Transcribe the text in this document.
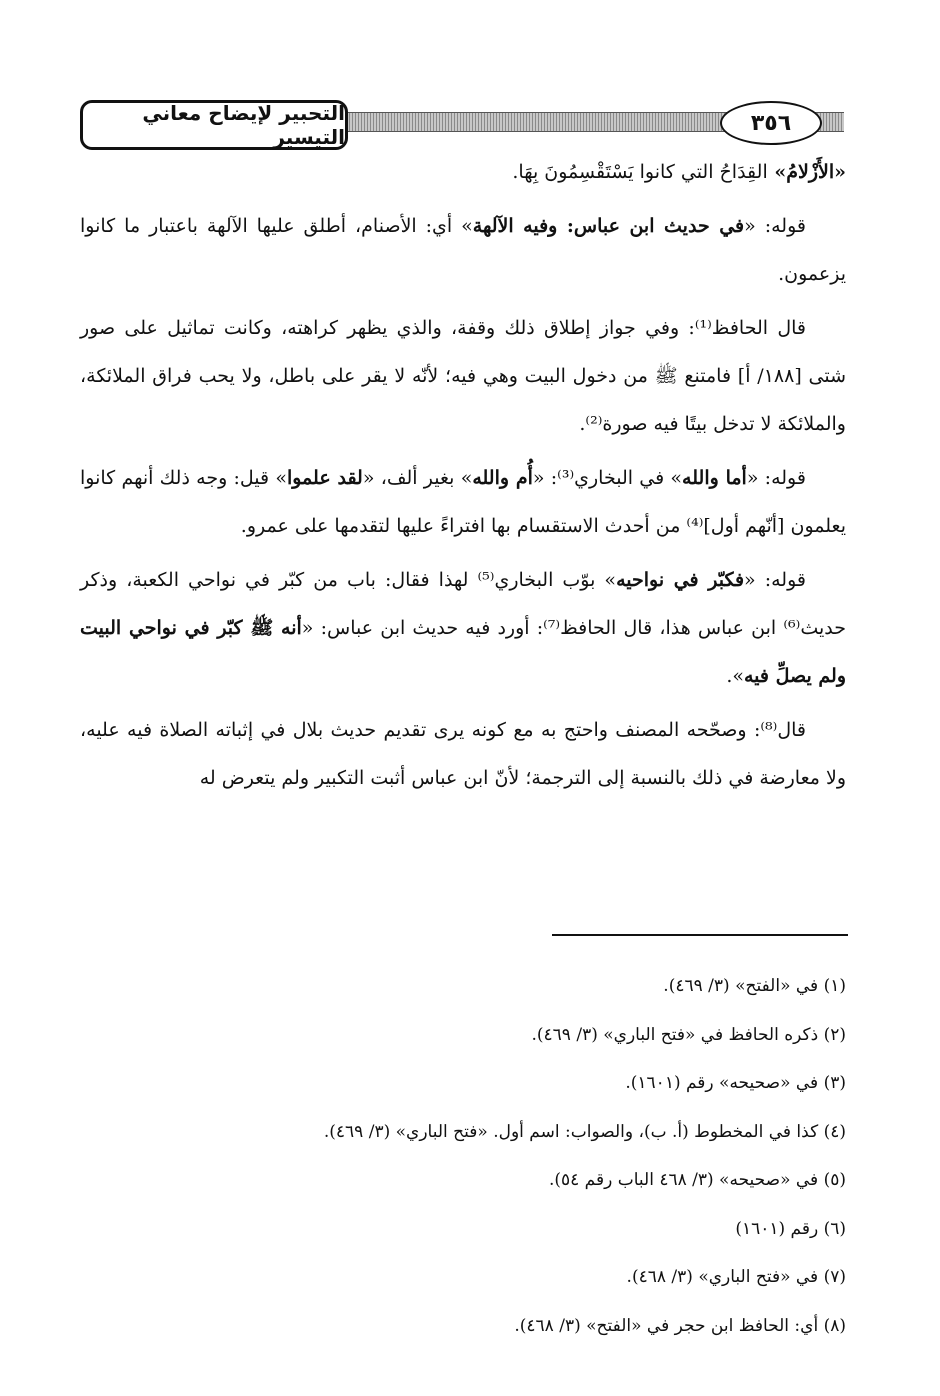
التحبير لإيضاح معاني التيسير
٣٥٦

«الأَزْلامُ» القِدَاحُ التي كانوا يَسْتَقْسِمُونَ بِهَا.

قوله: «في حديث ابن عباس: وفيه الآلهة» أي: الأصنام، أطلق عليها الآلهة باعتبار ما كانوا يزعمون.

قال الحافظ⁽¹⁾: وفي جواز إطلاق ذلك وقفة، والذي يظهر كراهته، وكانت تماثيل على صور شتى [١٨٨/ أ] فامتنع ﷺ من دخول البيت وهي فيه؛ لأنّه لا يقر على باطل، ولا يحب فراق الملائكة، والملائكة لا تدخل بيتًا فيه صورة⁽²⁾.

قوله: «أما والله» في البخاري⁽³⁾: «أُم والله» بغير ألف، «لقد علموا» قيل: وجه ذلك أنهم كانوا يعلمون [أنّهم أول]⁽⁴⁾ من أحدث الاستقسام بها افتراءً عليها لتقدمها على عمرو.

قوله: «فكبّر في نواحيه» بوّب البخاري⁽⁵⁾ لهذا فقال: باب من كبّر في نواحي الكعبة، وذكر حديث⁽⁶⁾ ابن عباس هذا، قال الحافظ⁽⁷⁾: أورد فيه حديث ابن عباس: «أنه ﷺ كبّر في نواحي البيت ولم يصلِّ فيه».

قال⁽⁸⁾: وصحّحه المصنف واحتج به مع كونه يرى تقديم حديث بلال في إثباته الصلاة فيه عليه، ولا معارضة في ذلك بالنسبة إلى الترجمة؛ لأنّ ابن عباس أثبت التكبير ولم يتعرض له

(١) في «الفتح» (٣/ ٤٦٩).
(٢) ذكره الحافظ في «فتح الباري» (٣/ ٤٦٩).
(٣) في «صحيحه» رقم (١٦٠١).
(٤) كذا في المخطوط (أ. ب)، والصواب: اسم أول. «فتح الباري» (٣/ ٤٦٩).
(٥) في «صحيحه» (٣/ ٤٦٨ الباب رقم ٥٤).
(٦) رقم (١٦٠١)
(٧) في «فتح الباري» (٣/ ٤٦٨).
(٨) أي: الحافظ ابن حجر في «الفتح» (٣/ ٤٦٨).
